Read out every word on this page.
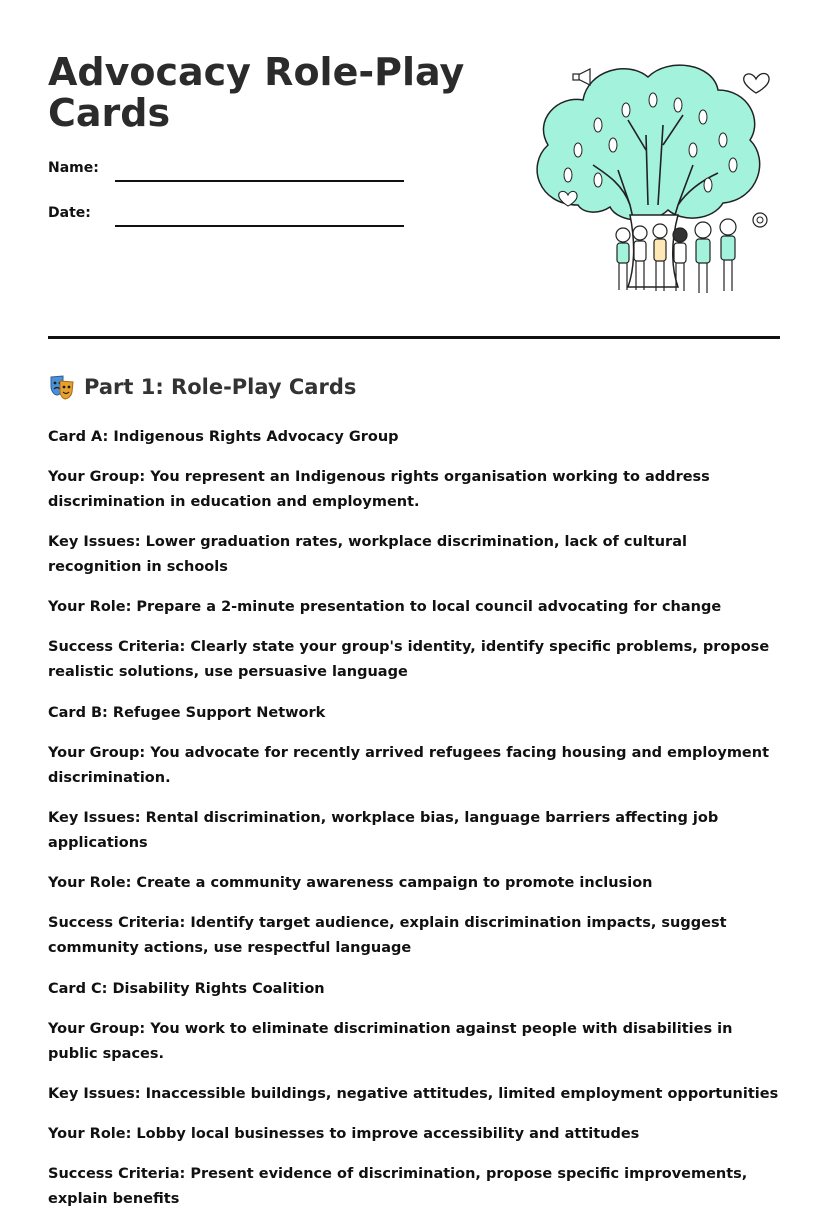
Advocacy Role-Play Cards
Name:
Date:
Part 1: Role-Play Cards

Card A: Indigenous Rights Advocacy Group

Your Group: You represent an Indigenous rights organisation working to address discrimination in education and employment.

Key Issues: Lower graduation rates, workplace discrimination, lack of cultural recognition in schools

Your Role: Prepare a 2-minute presentation to local council advocating for change

Success Criteria: Clearly state your group's identity, identify specific problems, propose realistic solutions, use persuasive language

Card B: Refugee Support Network

Your Group: You advocate for recently arrived refugees facing housing and employment discrimination.

Key Issues: Rental discrimination, workplace bias, language barriers affecting job applications

Your Role: Create a community awareness campaign to promote inclusion

Success Criteria: Identify target audience, explain discrimination impacts, suggest community actions, use respectful language

Card C: Disability Rights Coalition

Your Group: You work to eliminate discrimination against people with disabilities in public spaces.

Key Issues: Inaccessible buildings, negative attitudes, limited employment opportunities

Your Role: Lobby local businesses to improve accessibility and attitudes

Success Criteria: Present evidence of discrimination, propose specific improvements, explain benefits
